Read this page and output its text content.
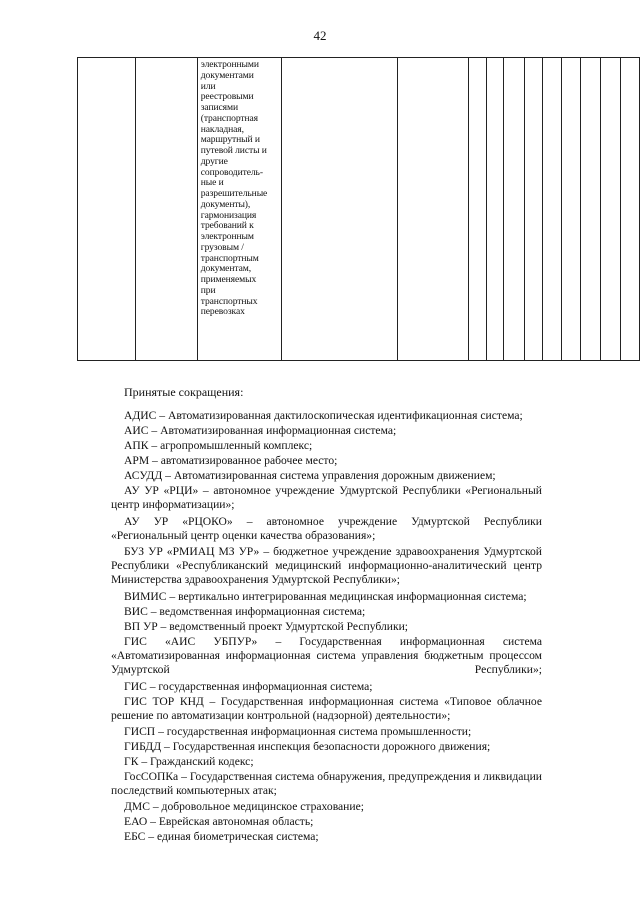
42

электронными
документами
или
реестровыми
записями
(транспортная
накладная,
маршрутный и
путевой листы и
другие
сопроводитель-
ные и
разрешительные
документы),
гармонизация
требований к
электронным
грузовым /
транспортным
документам,
применяемых
при
транспортных
перевозках

Принятые сокращения:
АДИС – Автоматизированная дактилоскопическая идентификационная система;
АИС – Автоматизированная информационная система;
АПК – агропромышленный комплекс;
АРМ – автоматизированное рабочее место;
АСУДД – Автоматизированная система управления дорожным движением;
АУ УР «РЦИ» – автономное учреждение Удмуртской Республики «Региональный центр информатизации»;
АУ УР «РЦОКО» – автономное учреждение Удмуртской Республики «Региональный центр оценки качества образования»;
БУЗ УР «РМИАЦ МЗ УР» – бюджетное учреждение здравоохранения Удмуртской Республики «Республиканский медицинский информационно-аналитический центр Министерства здравоохранения Удмуртской Республики»;
ВИМИС – вертикально интегрированная медицинская информационная система;
ВИС – ведомственная информационная система;
ВП УР – ведомственный проект Удмуртской Республики;
ГИС «АИС УБПУР» – Государственная информационная система «Автоматизированная информационная система управления бюджетным процессом Удмуртской Республики»;
ГИС – государственная информационная система;
ГИС ТОР КНД – Государственная информационная система «Типовое облачное решение по автоматизации контрольной (надзорной) деятельности»;
ГИСП – государственная информационная система промышленности;
ГИБДД – Государственная инспекция безопасности дорожного движения;
ГК – Гражданский кодекс;
ГосСОПКа – Государственная система обнаружения, предупреждения и ликвидации последствий компьютерных атак;
ДМС – добровольное медицинское страхование;
ЕАО – Еврейская автономная область;
ЕБС – единая биометрическая система;
